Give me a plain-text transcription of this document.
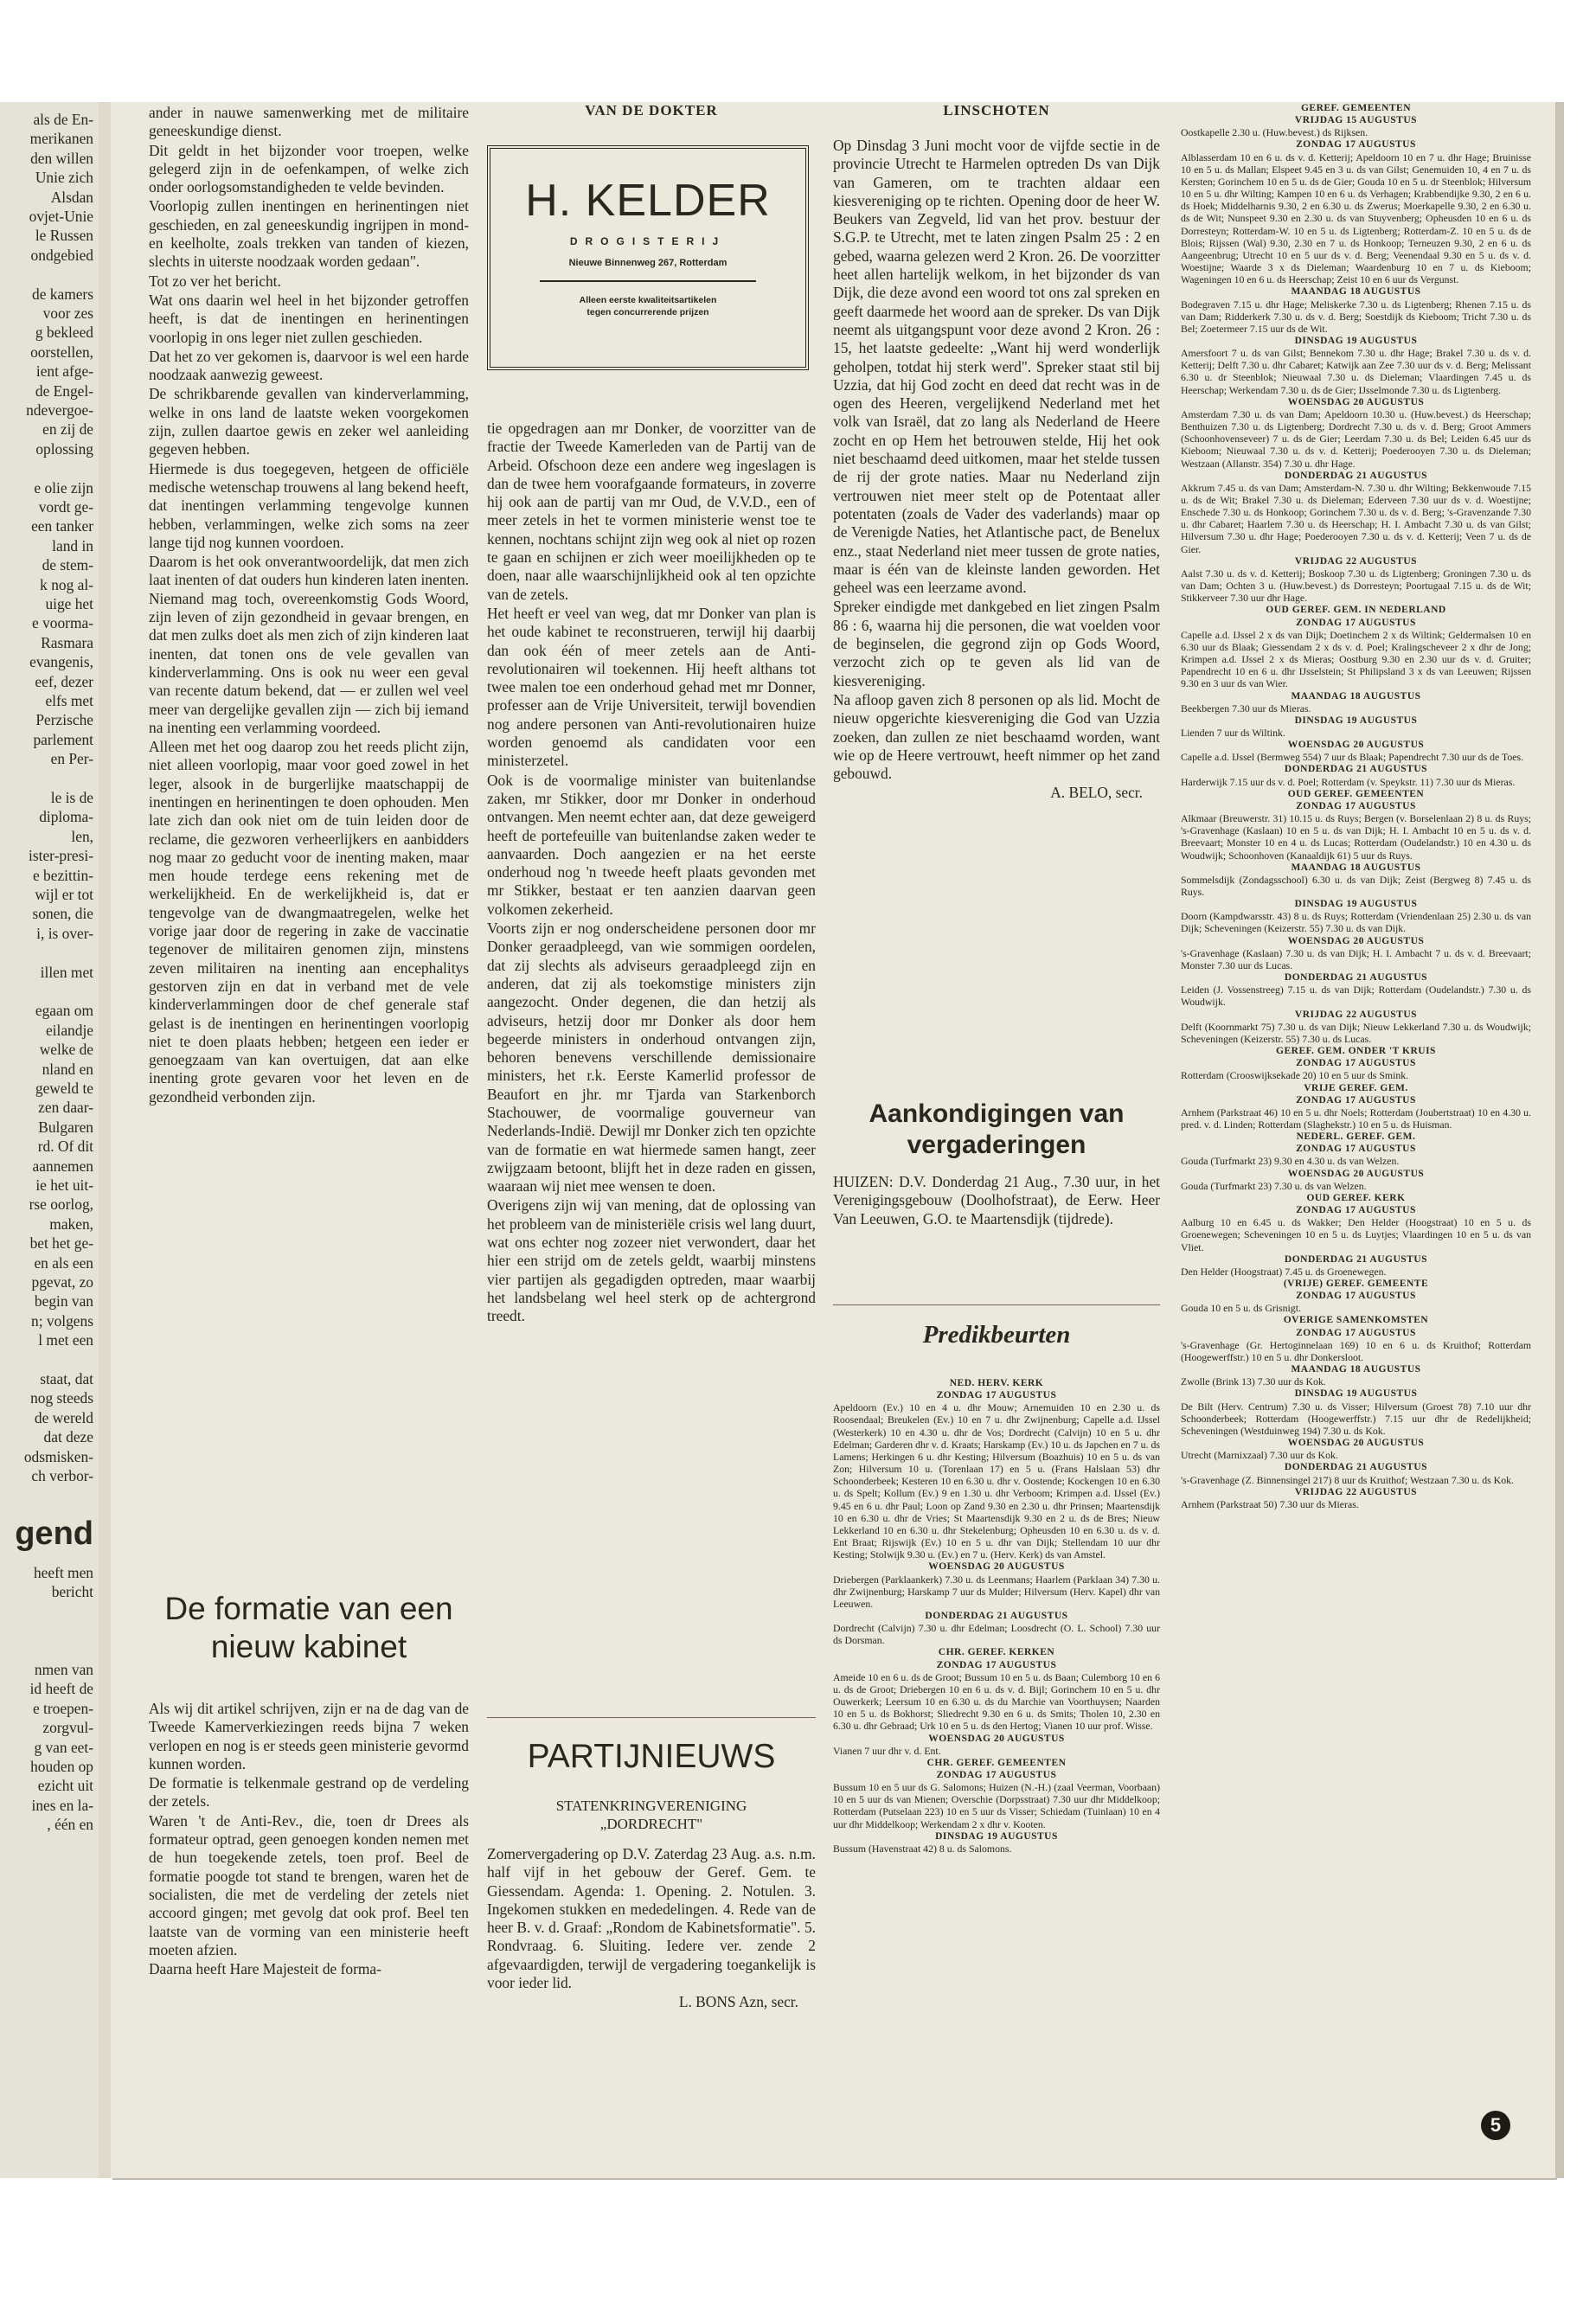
als de En-
merikanen
den willen
Unie zich
Alsdan
ovjet-Unie
le Russen
ondgebied
de kamers
voor zes
g bekleed
oorstellen,
ient afge-
de Engel-
ndevergoe-
en zij de
oplossing
e olie zijn
vordt ge-
een tanker
land in
de stem-
k nog al-
uige het
e voorma-
Rasmara
evangenis,
eef, dezer
elfs met
Perzische
parlement
en Per-
le is de
diploma-
len,
ister-presi-
e bezittin-
wijl er tot
sonen, die
i, is over-
illen met
egaan om
eilandje
welke de
nland en
geweld te
zen daar-
Bulgaren
rd. Of dit
aannemen
ie het uit-
rse oorlog,
maken,
bet het ge-
en als een
pgevat, zo
begin van
n; volgens
l met een
staat, dat
nog steeds
de wereld
dat deze
odsmisken-
ch verbor-
gend
heeft men
bericht
nmen van
id heeft de
e troepen-
zorgvul-
g van eet-
houden op
ezicht uit
ines en la-
, één en

ander in nauwe samenwerking met de militaire geneeskundige dienst.

Dit geldt in het bijzonder voor troepen, welke gelegerd zijn in de oefenkampen, of welke zich onder oorlogsomstandigheden te velde bevinden.

Voorlopig zullen inentingen en herinentingen niet geschieden, en zal geneeskundig ingrijpen in mond- en keelholte, zoals trekken van tanden of kiezen, slechts in uiterste noodzaak worden gedaan".

Tot zo ver het bericht.

Wat ons daarin wel heel in het bijzonder getroffen heeft, is dat de inentingen en herinentingen voorlopig in ons leger niet zullen geschieden.

Dat het zo ver gekomen is, daarvoor is wel een harde noodzaak aanwezig geweest.

De schrikbarende gevallen van kinderverlamming, welke in ons land de laatste weken voorgekomen zijn, zullen daartoe gewis en zeker wel aanleiding gegeven hebben.

Hiermede is dus toegegeven, hetgeen de officiële medische wetenschap trouwens al lang bekend heeft, dat inentingen verlamming tengevolge kunnen hebben, verlammingen, welke zich soms na zeer lange tijd nog kunnen voordoen.

Daarom is het ook onverantwoordelijk, dat men zich laat inenten of dat ouders hun kinderen laten inenten. Niemand mag toch, overeenkomstig Gods Woord, zijn leven of zijn gezondheid in gevaar brengen, en dat men zulks doet als men zich of zijn kinderen laat inenten, dat tonen ons de vele gevallen van kinderverlamming. Ons is ook nu weer een geval van recente datum bekend, dat — er zullen wel veel meer van dergelijke gevallen zijn — zich bij iemand na inenting een verlamming voordeed.

Alleen met het oog daarop zou het reeds plicht zijn, niet alleen voorlopig, maar voor goed zowel in het leger, alsook in de burgerlijke maatschappij de inentingen en herinentingen te doen ophouden. Men late zich dan ook niet om de tuin leiden door de reclame, die gezworen verheerlijkers en aanbidders nog maar zo geducht voor de inenting maken, maar men houde terdege eens rekening met de werkelijkheid. En de werkelijkheid is, dat er tengevolge van de dwangmaatregelen, welke het vorige jaar door de regering in zake de vaccinatie tegenover de militairen genomen zijn, minstens zeven militairen na inenting aan encephalitys gestorven zijn en dat in verband met de vele kinderverlammingen door de chef generale staf gelast is de inentingen en herinentingen voorlopig niet te doen plaats hebben; hetgeen een ieder er genoegzaam van kan overtuigen, dat aan elke inenting grote gevaren voor het leven en de gezondheid verbonden zijn.

De formatie van een nieuw kabinet

Als wij dit artikel schrijven, zijn er na de dag van de Tweede Kamerverkiezingen reeds bijna 7 weken verlopen en nog is er steeds geen ministerie gevormd kunnen worden.

De formatie is telkenmale gestrand op de verdeling der zetels.

Waren 't de Anti-Rev., die, toen dr Drees als formateur optrad, geen genoegen konden nemen met de hun toegekende zetels, toen prof. Beel de formatie poogde tot stand te brengen, waren het de socialisten, die met de verdeling der zetels niet accoord gingen; met gevolg dat ook prof. Beel ten laatste van de vorming van een ministerie heeft moeten afzien.

Daarna heeft Hare Majesteit de forma-

VAN DE DOKTER
H. KELDER
DROGISTERIJ
Nieuwe Binnenweg 267, Rotterdam
Alleen eerste kwaliteitsartikelen
tegen concurrerende prijzen

tie opgedragen aan mr Donker, de voorzitter van de fractie der Tweede Kamerleden van de Partij van de Arbeid. Ofschoon deze een andere weg ingeslagen is dan de twee hem voorafgaande formateurs, in zoverre hij ook aan de partij van mr Oud, de V.V.D., een of meer zetels in het te vormen ministerie wenst toe te kennen, nochtans schijnt zijn weg ook al niet op rozen te gaan en schijnen er zich weer moeilijkheden op te doen, naar alle waarschijnlijkheid ook al ten opzichte van de zetels.

Het heeft er veel van weg, dat mr Donker van plan is het oude kabinet te reconstrueren, terwijl hij daarbij dan ook één of meer zetels aan de Anti-revolutionairen wil toekennen. Hij heeft althans tot twee malen toe een onderhoud gehad met mr Donner, professer aan de Vrije Universiteit, terwijl bovendien nog andere personen van Anti-revolutionairen huize worden genoemd als candidaten voor een ministerzetel.

Ook is de voormalige minister van buitenlandse zaken, mr Stikker, door mr Donker in onderhoud ontvangen. Men neemt echter aan, dat deze geweigerd heeft de portefeuille van buitenlandse zaken weder te aanvaarden. Doch aangezien er na het eerste onderhoud nog 'n tweede heeft plaats gevonden met mr Stikker, bestaat er ten aanzien daarvan geen volkomen zekerheid.

Voorts zijn er nog onderscheidene personen door mr Donker geraadpleegd, van wie sommigen oordelen, dat zij slechts als adviseurs geraadpleegd zijn en anderen, dat zij als toekomstige ministers zijn aangezocht. Onder degenen, die dan hetzij als adviseurs, hetzij door mr Donker als door hem begeerde ministers in onderhoud ontvangen zijn, behoren benevens verschillende demissionaire ministers, het r.k. Eerste Kamerlid professor de Beaufort en jhr. mr Tjarda van Starkenborch Stachouwer, de voormalige gouverneur van Nederlands-Indië. Dewijl mr Donker zich ten opzichte van de formatie en wat hiermede samen hangt, zeer zwijgzaam betoont, blijft het in deze raden en gissen, waaraan wij niet mee wensen te doen.

Overigens zijn wij van mening, dat de oplossing van het probleem van de ministeriële crisis wel lang duurt, wat ons echter nog zozeer niet verwondert, daar het hier een strijd om de zetels geldt, waarbij minstens vier partijen als gegadigden optreden, maar waarbij het landsbelang wel heel sterk op de achtergrond treedt.

PARTIJNIEUWS
STATENKRINGVERENIGING
„DORDRECHT"

Zomervergadering op D.V. Zaterdag 23 Aug. a.s. n.m. half vijf in het gebouw der Geref. Gem. te Giessendam. Agenda: 1. Opening. 2. Notulen. 3. Ingekomen stukken en mededelingen. 4. Rede van de heer B. v. d. Graaf: „Rondom de Kabinetsformatie". 5. Rondvraag. 6. Sluiting. Iedere ver. zende 2 afgevaardigden, terwijl de vergadering toegankelijk is voor ieder lid.

L. BONS Azn, secr.

LINSCHOTEN

Op Dinsdag 3 Juni mocht voor de vijfde sectie in de provincie Utrecht te Harmelen optreden Ds van Dijk van Gameren, om te trachten aldaar een kiesvereniging op te richten. Opening door de heer W. Beukers van Zegveld, lid van het prov. bestuur der S.G.P. te Utrecht, met te laten zingen Psalm 25 : 2 en gebed, waarna gelezen werd 2 Kron. 26. De voorzitter heet allen hartelijk welkom, in het bijzonder ds van Dijk, die deze avond een woord tot ons zal spreken en geeft daarmede het woord aan de spreker. Ds van Dijk neemt als uitgangspunt voor deze avond 2 Kron. 26 : 15, het laatste gedeelte: „Want hij werd wonderlijk geholpen, totdat hij sterk werd". Spreker staat stil bij Uzzia, dat hij God zocht en deed dat recht was in de ogen des Heeren, vergelijkend Nederland met het volk van Israël, dat zo lang als Nederland de Heere zocht en op Hem het betrouwen stelde, Hij het ook niet beschaamd deed uitkomen, maar het stelde tussen de rij der grote naties. Maar nu Nederland zijn vertrouwen niet meer stelt op de Potentaat aller potentaten (zoals de Vader des vaderlands) maar op de Verenigde Naties, het Atlantische pact, de Benelux enz., staat Nederland niet meer tussen de grote naties, maar is één van de kleinste landen geworden. Het geheel was een leerzame avond.

Spreker eindigde met dankgebed en liet zingen Psalm 86 : 6, waarna hij die personen, die wat voelden voor de beginselen, die gegrond zijn op Gods Woord, verzocht zich op te geven als lid van de kiesvereniging.

Na afloop gaven zich 8 personen op als lid. Mocht de nieuw opgerichte kiesvereniging die God van Uzzia zoeken, dan zullen ze niet beschaamd worden, want wie op de Heere vertrouwt, heeft nimmer op het zand gebouwd.

A. BELO, secr.

Aankondigingen van vergaderingen

HUIZEN: D.V. Donderdag 21 Aug., 7.30 uur, in het Verenigingsgebouw (Doolhofstraat), de Eerw. Heer Van Leeuwen, G.O. te Maartensdijk (tijdrede).

Predikbeurten

NED. HERV. KERK

ZONDAG 17 AUGUSTUS

Apeldoorn (Ev.) 10 en 4 u. dhr Mouw; Arnemuiden 10 en 2.30 u. ds Roosendaal; Breukelen (Ev.) 10 en 7 u. dhr Zwijnenburg; Capelle a.d. IJssel (Westerkerk) 10 en 4.30 u. dhr de Vos; Dordrecht (Calvijn) 10 en 5 u. dhr Edelman; Garderen dhr v. d. Kraats; Harskamp (Ev.) 10 u. ds Japchen en 7 u. ds Lamens; Herkingen 6 u. dhr Kesting; Hilversum (Boazhuis) 10 en 5 u. ds van Zon; Hilversum 10 u. (Torenlaan 17) en 5 u. (Frans Halslaan 53) dhr Schoonderbeek; Kesteren 10 en 6.30 u. dhr v. Oostende; Kockengen 10 en 6.30 u. ds Spelt; Kollum (Ev.) 9 en 1.30 u. dhr Verboom; Krimpen a.d. IJssel (Ev.) 9.45 en 6 u. dhr Paul; Loon op Zand 9.30 en 2.30 u. dhr Prinsen; Maartensdijk 10 en 6.30 u. dhr de Vries; St Maartensdijk 9.30 en 2 u. ds de Bres; Nieuw Lekkerland 10 en 6.30 u. dhr Stekelenburg; Opheusden 10 en 6.30 u. ds v. d. Ent Braat; Rijswijk (Ev.) 10 en 5 u. dhr van Dijk; Stellendam 10 uur dhr Kesting; Stolwijk 9.30 u. (Ev.) en 7 u. (Herv. Kerk) ds van Amstel.

WOENSDAG 20 AUGUSTUS

Driebergen (Parklaankerk) 7.30 u. ds Leenmans; Haarlem (Parklaan 34) 7.30 u. dhr Zwijnenburg; Harskamp 7 uur ds Mulder; Hilversum (Herv. Kapel) dhr van Leeuwen.

DONDERDAG 21 AUGUSTUS

Dordrecht (Calvijn) 7.30 u. dhr Edelman; Loosdrecht (O. L. School) 7.30 uur ds Dorsman.

CHR. GEREF. KERKEN

ZONDAG 17 AUGUSTUS

Ameide 10 en 6 u. ds de Groot; Bussum 10 en 5 u. ds Baan; Culemborg 10 en 6 u. ds de Groot; Driebergen 10 en 6 u. ds v. d. Bijl; Gorinchem 10 en 5 u. dhr Ouwerkerk; Leersum 10 en 6.30 u. ds du Marchie van Voorthuysen; Naarden 10 en 5 u. ds Bokhorst; Sliedrecht 9.30 en 6 u. ds Smits; Tholen 10, 2.30 en 6.30 u. dhr Gebraad; Urk 10 en 5 u. ds den Hertog; Vianen 10 uur prof. Wisse.

WOENSDAG 20 AUGUSTUS

Vianen 7 uur dhr v. d. Ent.

CHR. GEREF. GEMEENTEN

ZONDAG 17 AUGUSTUS

Bussum 10 en 5 uur ds G. Salomons; Huizen (N.-H.) (zaal Veerman, Voorbaan) 10 en 5 uur ds van Mienen; Overschie (Dorpsstraat) 7.30 uur dhr Middelkoop; Rotterdam (Putselaan 223) 10 en 5 uur ds Visser; Schiedam (Tuinlaan) 10 en 4 uur dhr Middelkoop; Werkendam 2 x dhr v. Kooten.

DINSDAG 19 AUGUSTUS

Bussum (Havenstraat 42) 8 u. ds Salomons.

GEREF. GEMEENTEN

VRIJDAG 15 AUGUSTUS

Oostkapelle 2.30 u. (Huw.bevest.) ds Rijksen.

ZONDAG 17 AUGUSTUS

Alblasserdam 10 en 6 u. ds v. d. Ketterij; Apeldoorn 10 en 7 u. dhr Hage; Bruinisse 10 en 5 u. ds Mallan; Elspeet 9.45 en 3 u. ds van Gilst; Genemuiden 10, 4 en 7 u. ds Kersten; Gorinchem 10 en 5 u. ds de Gier; Gouda 10 en 5 u. dr Steenblok; Hilversum 10 en 5 u. dhr Wilting; Kampen 10 en 6 u. ds Verhagen; Krabbendijke 9.30, 2 en 6 u. ds Hoek; Middelharnis 9.30, 2 en 6.30 u. ds Zwerus; Moerkapelle 9.30, 2 en 6.30 u. ds de Wit; Nunspeet 9.30 en 2.30 u. ds van Stuyvenberg; Opheusden 10 en 6 u. ds Dorresteyn; Rotterdam-W. 10 en 5 u. ds Ligtenberg; Rotterdam-Z. 10 en 5 u. ds de Blois; Rijssen (Wal) 9.30, 2.30 en 7 u. ds Honkoop; Terneuzen 9.30, 2 en 6 u. ds Aangeenbrug; Utrecht 10 en 5 uur ds v. d. Berg; Veenendaal 9.30 en 5 u. ds v. d. Woestijne; Waarde 3 x ds Dieleman; Waardenburg 10 en 7 u. ds Kieboom; Wageningen 10 en 6 u. ds Heerschap; Zeist 10 en 6 uur ds Vergunst.

MAANDAG 18 AUGUSTUS

Bodegraven 7.15 u. dhr Hage; Meliskerke 7.30 u. ds Ligtenberg; Rhenen 7.15 u. ds van Dam; Ridderkerk 7.30 u. ds v. d. Berg; Soestdijk ds Kieboom; Tricht 7.30 u. ds Bel; Zoetermeer 7.15 uur ds de Wit.

DINSDAG 19 AUGUSTUS

Amersfoort 7 u. ds van Gilst; Bennekom 7.30 u. dhr Hage; Brakel 7.30 u. ds v. d. Ketterij; Delft 7.30 u. dhr Cabaret; Katwijk aan Zee 7.30 uur ds v. d. Berg; Melissant 6.30 u. dr Steenblok; Nieuwaal 7.30 u. ds Dieleman; Vlaardingen 7.45 u. ds Heerschap; Werkendam 7.30 u. ds de Gier; IJsselmonde 7.30 u. ds Ligtenberg.

WOENSDAG 20 AUGUSTUS

Amsterdam 7.30 u. ds van Dam; Apeldoorn 10.30 u. (Huw.bevest.) ds Heerschap; Benthuizen 7.30 u. ds Ligtenberg; Dordrecht 7.30 u. ds v. d. Berg; Groot Ammers (Schoonhovenseveer) 7 u. ds de Gier; Leerdam 7.30 u. ds Bel; Leiden 6.45 uur ds Kieboom; Nieuwaal 7.30 u. ds v. d. Ketterij; Poederooyen 7.30 u. ds Dieleman; Westzaan (Allanstr. 354) 7.30 u. dhr Hage.

DONDERDAG 21 AUGUSTUS

Akkrum 7.45 u. ds van Dam; Amsterdam-N. 7.30 u. dhr Wilting; Bekkenwoude 7.15 u. ds de Wit; Brakel 7.30 u. ds Dieleman; Ederveen 7.30 uur ds v. d. Woestijne; Enschede 7.30 u. ds Honkoop; Gorinchem 7.30 u. ds v. d. Berg; 's-Gravenzande 7.30 u. dhr Cabaret; Haarlem 7.30 u. ds Heerschap; H. I. Ambacht 7.30 u. ds van Gilst; Hilversum 7.30 u. dhr Hage; Poederooyen 7.30 u. ds v. d. Ketterij; Veen 7 u. ds de Gier.

VRIJDAG 22 AUGUSTUS

Aalst 7.30 u. ds v. d. Ketterij; Boskoop 7.30 u. ds Ligtenberg; Groningen 7.30 u. ds van Dam; Ochten 3 u. (Huw.bevest.) ds Dorresteyn; Poortugaal 7.15 u. ds de Wit; Stikkerveer 7.30 uur dhr Hage.

OUD GEREF. GEM. IN NEDERLAND

ZONDAG 17 AUGUSTUS

Capelle a.d. IJssel 2 x ds van Dijk; Doetinchem 2 x ds Wiltink; Geldermalsen 10 en 6.30 uur ds Blaak; Giessendam 2 x ds v. d. Poel; Kralingscheveer 2 x dhr de Jong; Krimpen a.d. IJssel 2 x ds Mieras; Oostburg 9.30 en 2.30 uur ds v. d. Gruiter; Papendrecht 10 en 6 u. dhr IJsselstein; St Philipsland 3 x ds van Leeuwen; Rijssen 9.30 en 3 uur ds van Wier.

MAANDAG 18 AUGUSTUS

Beekbergen 7.30 uur ds Mieras.

DINSDAG 19 AUGUSTUS

Lienden 7 uur ds Wiltink.

WOENSDAG 20 AUGUSTUS

Capelle a.d. IJssel (Bermweg 554) 7 uur ds Blaak; Papendrecht 7.30 uur ds de Toes.

DONDERDAG 21 AUGUSTUS

Harderwijk 7.15 uur ds v. d. Poel; Rotterdam (v. Speykstr. 11) 7.30 uur ds Mieras.

OUD GEREF. GEMEENTEN

ZONDAG 17 AUGUSTUS

Alkmaar (Breuwerstr. 31) 10.15 u. ds Ruys; Bergen (v. Borselenlaan 2) 8 u. ds Ruys; 's-Gravenhage (Kaslaan) 10 en 5 u. ds van Dijk; H. I. Ambacht 10 en 5 u. ds v. d. Breevaart; Monster 10 en 4 u. ds Lucas; Rotterdam (Oudelandstr.) 10 en 4.30 u. ds Woudwijk; Schoonhoven (Kanaaldijk 61) 5 uur ds Ruys.

MAANDAG 18 AUGUSTUS

Sommelsdijk (Zondagsschool) 6.30 u. ds van Dijk; Zeist (Bergweg 8) 7.45 u. ds Ruys.

DINSDAG 19 AUGUSTUS

Doorn (Kampdwarsstr. 43) 8 u. ds Ruys; Rotterdam (Vriendenlaan 25) 2.30 u. ds van Dijk; Scheveningen (Keizerstr. 55) 7.30 u. ds van Dijk.

WOENSDAG 20 AUGUSTUS

's-Gravenhage (Kaslaan) 7.30 u. ds van Dijk; H. I. Ambacht 7 u. ds v. d. Breevaart; Monster 7.30 uur ds Lucas.

DONDERDAG 21 AUGUSTUS

Leiden (J. Vossenstreeg) 7.15 u. ds van Dijk; Rotterdam (Oudelandstr.) 7.30 u. ds Woudwijk.

VRIJDAG 22 AUGUSTUS

Delft (Koornmarkt 75) 7.30 u. ds van Dijk; Nieuw Lekkerland 7.30 u. ds Woudwijk; Scheveningen (Keizerstr. 55) 7.30 u. ds Lucas.

GEREF. GEM. ONDER 'T KRUIS

ZONDAG 17 AUGUSTUS

Rotterdam (Crooswijksekade 20) 10 en 5 uur ds Smink.

VRIJE GEREF. GEM.

ZONDAG 17 AUGUSTUS

Arnhem (Parkstraat 46) 10 en 5 u. dhr Noels; Rotterdam (Joubertstraat) 10 en 4.30 u. pred. v. d. Linden; Rotterdam (Slaghekstr.) 10 en 5 u. ds Huisman.

NEDERL. GEREF. GEM.

ZONDAG 17 AUGUSTUS

Gouda (Turfmarkt 23) 9.30 en 4.30 u. ds van Welzen.

WOENSDAG 20 AUGUSTUS

Gouda (Turfmarkt 23) 7.30 u. ds van Welzen.

OUD GEREF. KERK

ZONDAG 17 AUGUSTUS

Aalburg 10 en 6.45 u. ds Wakker; Den Helder (Hoogstraat) 10 en 5 u. ds Groenewegen; Scheveningen 10 en 5 u. ds Luytjes; Vlaardingen 10 en 5 u. ds van Vliet.

DONDERDAG 21 AUGUSTUS

Den Helder (Hoogstraat) 7.45 u. ds Groenewegen.

(VRIJE) GEREF. GEMEENTE

ZONDAG 17 AUGUSTUS

Gouda 10 en 5 u. ds Grisnigt.

OVERIGE SAMENKOMSTEN

ZONDAG 17 AUGUSTUS

's-Gravenhage (Gr. Hertoginnelaan 169) 10 en 6 u. ds Kruithof; Rotterdam (Hoogewerffstr.) 10 en 5 u. dhr Donkersloot.

MAANDAG 18 AUGUSTUS

Zwolle (Brink 13) 7.30 uur ds Kok.

DINSDAG 19 AUGUSTUS

De Bilt (Herv. Centrum) 7.30 u. ds Visser; Hilversum (Groest 78) 7.10 uur dhr Schoonderbeek; Rotterdam (Hoogewerffstr.) 7.15 uur dhr de Redelijkheid; Scheveningen (Westduinweg 194) 7.30 u. ds Kok.

WOENSDAG 20 AUGUSTUS

Utrecht (Marnixzaal) 7.30 uur ds Kok.

DONDERDAG 21 AUGUSTUS

's-Gravenhage (Z. Binnensingel 217) 8 uur ds Kruithof; Westzaan 7.30 u. ds Kok.

VRIJDAG 22 AUGUSTUS

Arnhem (Parkstraat 50) 7.30 uur ds Mieras.

5
